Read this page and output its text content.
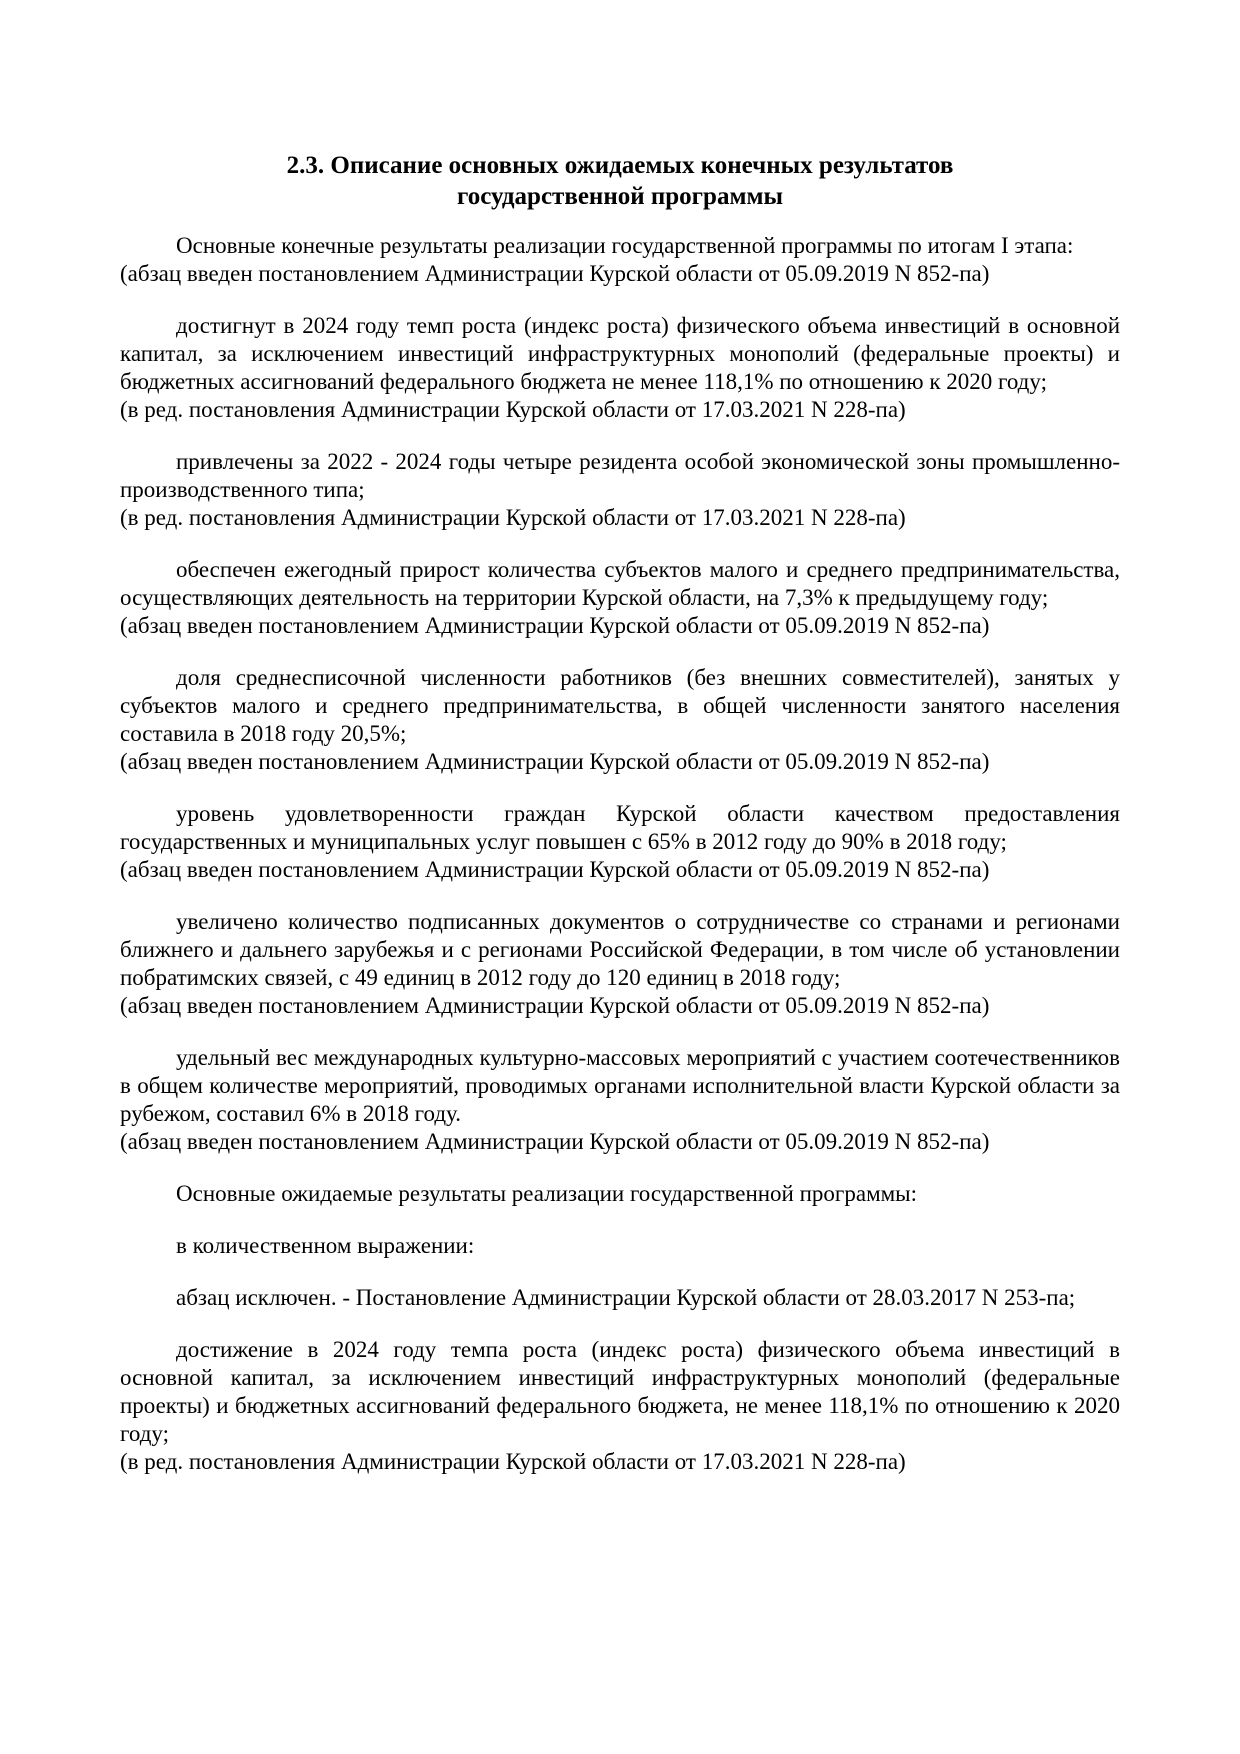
2.3. Описание основных ожидаемых конечных результатов
государственной программы

Основные конечные результаты реализации государственной программы по итогам I этапа:

(абзац введен постановлением Администрации Курской области от 05.09.2019 N 852-па)

достигнут в 2024 году темп роста (индекс роста) физического объема инвестиций в основной капитал, за исключением инвестиций инфраструктурных монополий (федеральные проекты) и бюджетных ассигнований федерального бюджета не менее 118,1% по отношению к 2020 году;

(в ред. постановления Администрации Курской области от 17.03.2021 N 228-па)

привлечены за 2022 - 2024 годы четыре резидента особой экономической зоны промышленно-производственного типа;

(в ред. постановления Администрации Курской области от 17.03.2021 N 228-па)

обеспечен ежегодный прирост количества субъектов малого и среднего предпринимательства, осуществляющих деятельность на территории Курской области, на 7,3% к предыдущему году;

(абзац введен постановлением Администрации Курской области от 05.09.2019 N 852-па)

доля среднесписочной численности работников (без внешних совместителей), занятых у субъектов малого и среднего предпринимательства, в общей численности занятого населения составила в 2018 году 20,5%;

(абзац введен постановлением Администрации Курской области от 05.09.2019 N 852-па)

уровень удовлетворенности граждан Курской области качеством предоставления государственных и муниципальных услуг повышен с 65% в 2012 году до 90% в 2018 году;

(абзац введен постановлением Администрации Курской области от 05.09.2019 N 852-па)

увеличено количество подписанных документов о сотрудничестве со странами и регионами ближнего и дальнего зарубежья и с регионами Российской Федерации, в том числе об установлении побратимских связей, с 49 единиц в 2012 году до 120 единиц в 2018 году;

(абзац введен постановлением Администрации Курской области от 05.09.2019 N 852-па)

удельный вес международных культурно-массовых мероприятий с участием соотечественников в общем количестве мероприятий, проводимых органами исполнительной власти Курской области за рубежом, составил 6% в 2018 году.

(абзац введен постановлением Администрации Курской области от 05.09.2019 N 852-па)

Основные ожидаемые результаты реализации государственной программы:

в количественном выражении:

абзац исключен. - Постановление Администрации Курской области от 28.03.2017 N 253-па;

достижение в 2024 году темпа роста (индекс роста) физического объема инвестиций в основной капитал, за исключением инвестиций инфраструктурных монополий (федеральные проекты) и бюджетных ассигнований федерального бюджета, не менее 118,1% по отношению к 2020 году;

(в ред. постановления Администрации Курской области от 17.03.2021 N 228-па)
